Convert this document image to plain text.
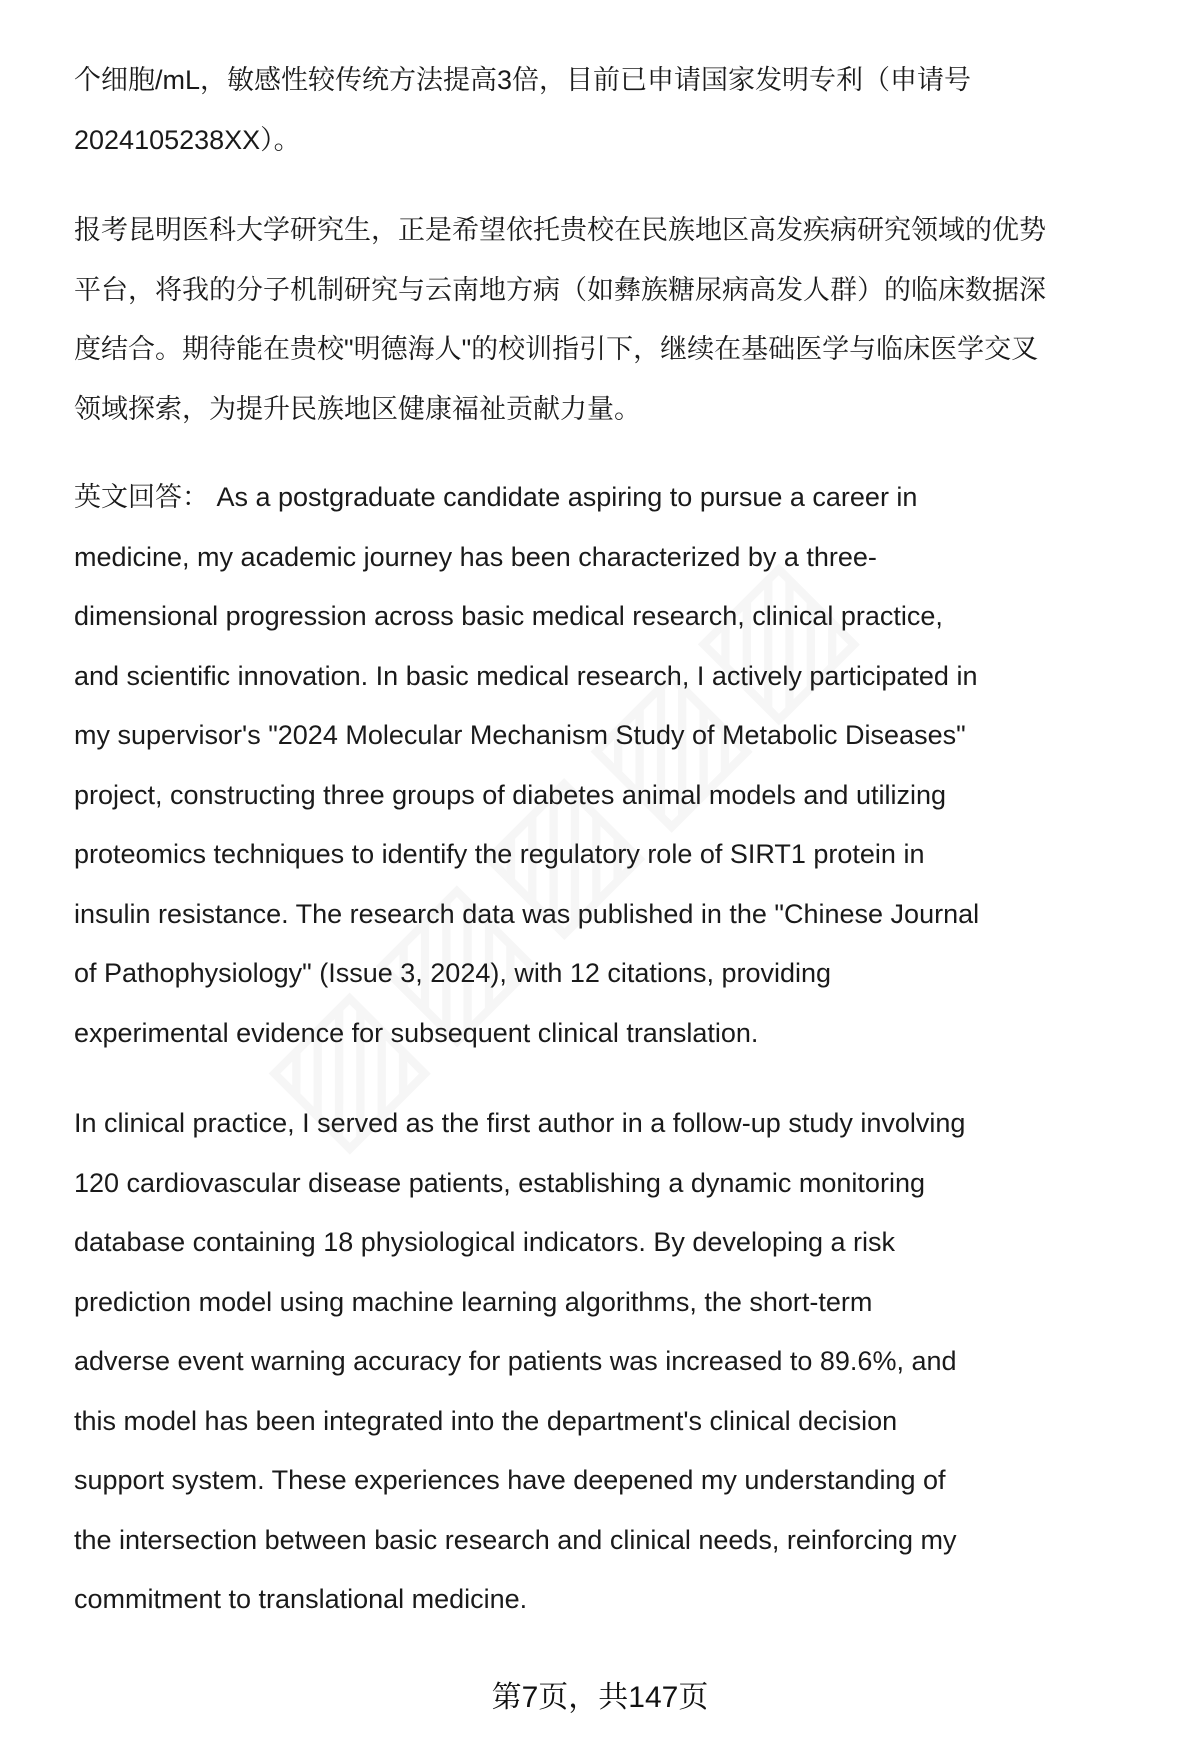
个细胞/mL，敏感性较传统方法提高3倍，目前已申请国家发明专利（申请号
2024105238XX）。
报考昆明医科大学研究生，正是希望依托贵校在民族地区高发疾病研究领域的优势
平台，将我的分子机制研究与云南地方病（如彝族糖尿病高发人群）的临床数据深
度结合。期待能在贵校"明德海人"的校训指引下，继续在基础医学与临床医学交叉
领域探索，为提升民族地区健康福祉贡献力量。
英文回答： As a postgraduate candidate aspiring to pursue a career in
medicine, my academic journey has been characterized by a three-
dimensional progression across basic medical research, clinical practice,
and scientific innovation. In basic medical research, I actively participated in
my supervisor's "2024 Molecular Mechanism Study of Metabolic Diseases"
project, constructing three groups of diabetes animal models and utilizing
proteomics techniques to identify the regulatory role of SIRT1 protein in
insulin resistance. The research data was published in the "Chinese Journal
of Pathophysiology" (Issue 3, 2024), with 12 citations, providing
experimental evidence for subsequent clinical translation.
In clinical practice, I served as the first author in a follow-up study involving
120 cardiovascular disease patients, establishing a dynamic monitoring
database containing 18 physiological indicators. By developing a risk
prediction model using machine learning algorithms, the short-term
adverse event warning accuracy for patients was increased to 89.6%, and
this model has been integrated into the department's clinical decision
support system. These experiences have deepened my understanding of
the intersection between basic research and clinical needs, reinforcing my
commitment to translational medicine.
第7页，共147页
